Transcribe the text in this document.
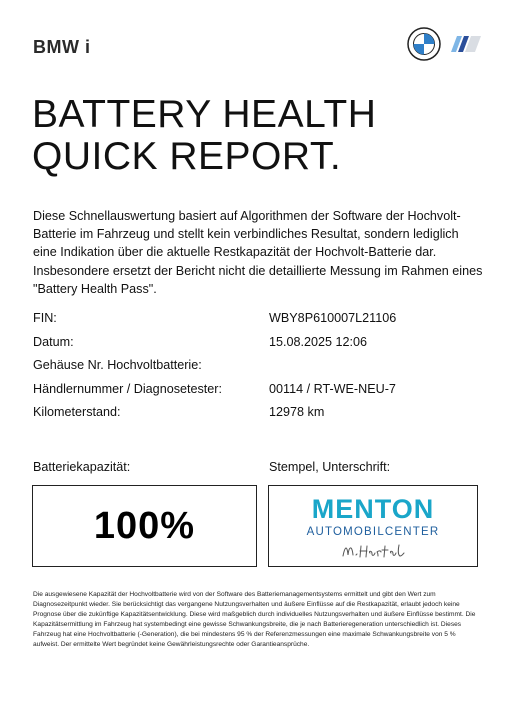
BMW i
BATTERY HEALTH
QUICK REPORT.

Diese Schnellauswertung basiert auf Algorithmen der Software der Hochvolt-Batterie im Fahrzeug und stellt kein verbindliches Resultat, sondern lediglich eine Indikation über die aktuelle Restkapazität der Hochvolt-Batterie dar. Insbesondere ersetzt der Bericht nicht die detaillierte Messung im Rahmen eines "Battery Health Pass".

FIN:	WBY8P610007L21106
Datum:	15.08.2025 12:06
Gehäuse Nr. Hochvoltbatterie:
Händlernummer / Diagnosetester:	00114 / RT-WE-NEU-7
Kilometerstand:	12978 km
Batteriekapazität:	Stempel, Unterschrift:
100%	MENTON
AUTOMOBILCENTER

Die ausgewiesene Kapazität der Hochvoltbatterie wird von der Software des Batteriemanagementsystems ermittelt und gibt den Wert zum Diagnosezeitpunkt wieder. Sie berücksichtigt das vergangene Nutzungsverhalten und äußere Einflüsse auf die Restkapazität, erlaubt jedoch keine Prognose über die zukünftige Kapazitätsentwicklung. Diese wird maßgeblich durch individuelles Nutzungsverhalten und äußere Einflüsse bestimmt. Die Kapazitätsermittlung im Fahrzeug hat systembedingt eine gewisse Schwankungsbreite, die je nach Batterieregeneration unterschiedlich ist. Dieses Fahrzeug hat eine Hochvoltbatterie (-Generation), die bei mindestens 95 % der Referenzmessungen eine maximale Schwankungsbreite von 5 % aufweist. Der ermittelte Wert begründet keine Gewährleistungsrechte oder Garantieansprüche.
